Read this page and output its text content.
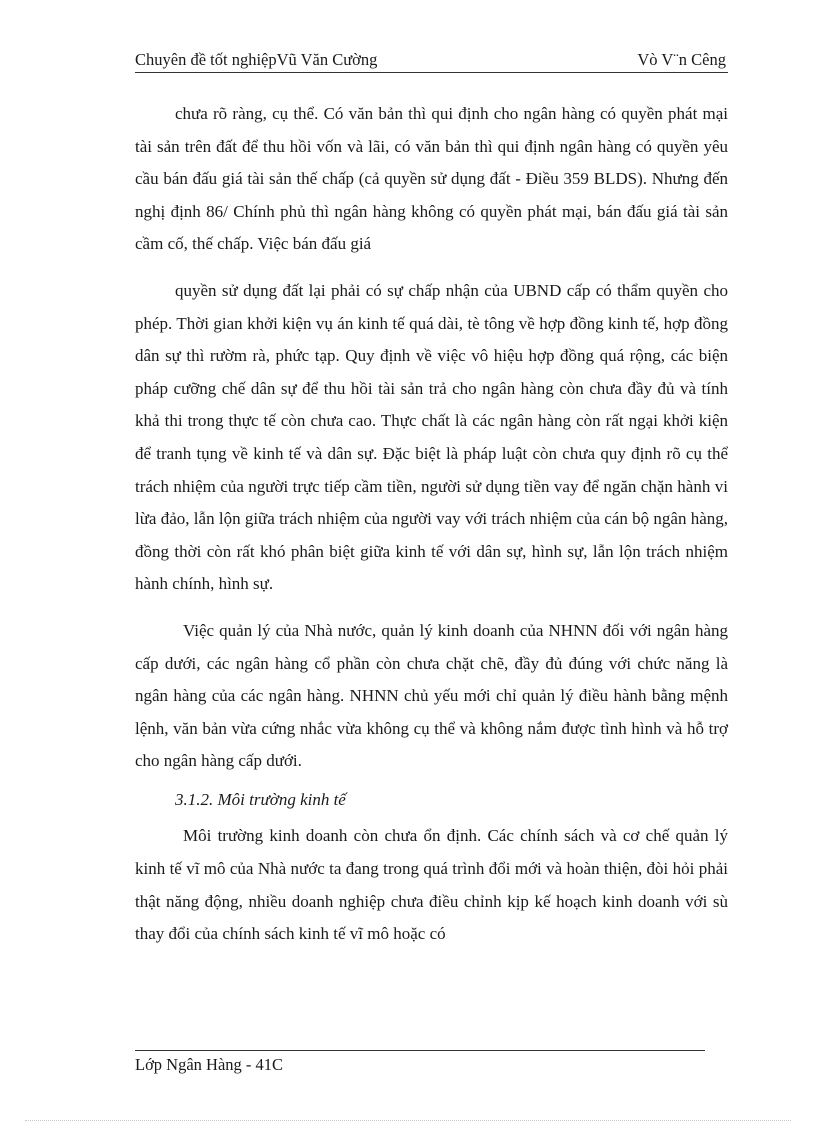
Chuyên đề tốt nghiệpVũ Văn Cường	Vò V¨n Cêng

chưa rõ ràng, cụ thể. Có văn bản thì qui định cho ngân hàng có quyền phát mại tài sản trên đất để thu hồi vốn và lãi, có văn bản thì qui định ngân hàng có quyền yêu cầu bán đấu giá tài sản thế chấp (cả quyền sử dụng đất - Điều 359 BLDS). Nhưng đến nghị định 86/ Chính phủ thì ngân hàng không có quyền phát mại, bán đấu giá tài sản cầm cố, thế chấp. Việc bán đấu giá

quyền sử dụng đất lại phải có sự chấp nhận của UBND cấp có thẩm quyền cho phép. Thời gian khởi kiện vụ án kinh tế quá dài, tè tông về hợp đồng kinh tế, hợp đồng dân sự thì rườm rà, phức tạp. Quy định về việc vô hiệu hợp đồng quá rộng, các biện pháp cưỡng chế dân sự để thu hồi tài sản trả cho ngân hàng còn chưa đầy đủ và tính khả thi trong thực tế còn chưa cao. Thực chất là các ngân hàng còn rất ngại khởi kiện để tranh tụng về kinh tế và dân sự. Đặc biệt là pháp luật còn chưa quy định rõ cụ thể trách nhiệm của người trực tiếp cầm tiền, người sử dụng tiền vay để ngăn chặn hành vi lừa đảo, lẫn lộn giữa trách nhiệm của người vay với trách nhiệm của cán bộ ngân hàng, đồng thời còn rất khó phân biệt giữa kinh tế với dân sự, hình sự, lẫn lộn trách nhiệm hành chính, hình sự.

Việc quản lý của Nhà nước, quản lý kinh doanh của NHNN đối với ngân hàng cấp dưới, các ngân hàng cổ phần còn chưa chặt chẽ, đầy đủ đúng với chức năng là ngân hàng của các ngân hàng. NHNN chủ yếu mới chỉ quản lý điều hành bằng mệnh lệnh, văn bản vừa cứng nhắc vừa không cụ thể và không nắm được tình hình và hỗ trợ cho ngân hàng cấp dưới.

3.1.2. Môi trường kinh tế

Môi trường kinh doanh còn chưa ổn định. Các chính sách và cơ chế quản lý kinh tế vĩ mô của Nhà nước ta đang trong quá trình đổi mới và hoàn thiện, đòi hỏi phải thật năng động, nhiều doanh nghiệp chưa điều chỉnh kịp kế hoạch kinh doanh với sù thay đổi của chính sách kinh tế vĩ mô hoặc có

Lớp Ngân Hàng - 41C
